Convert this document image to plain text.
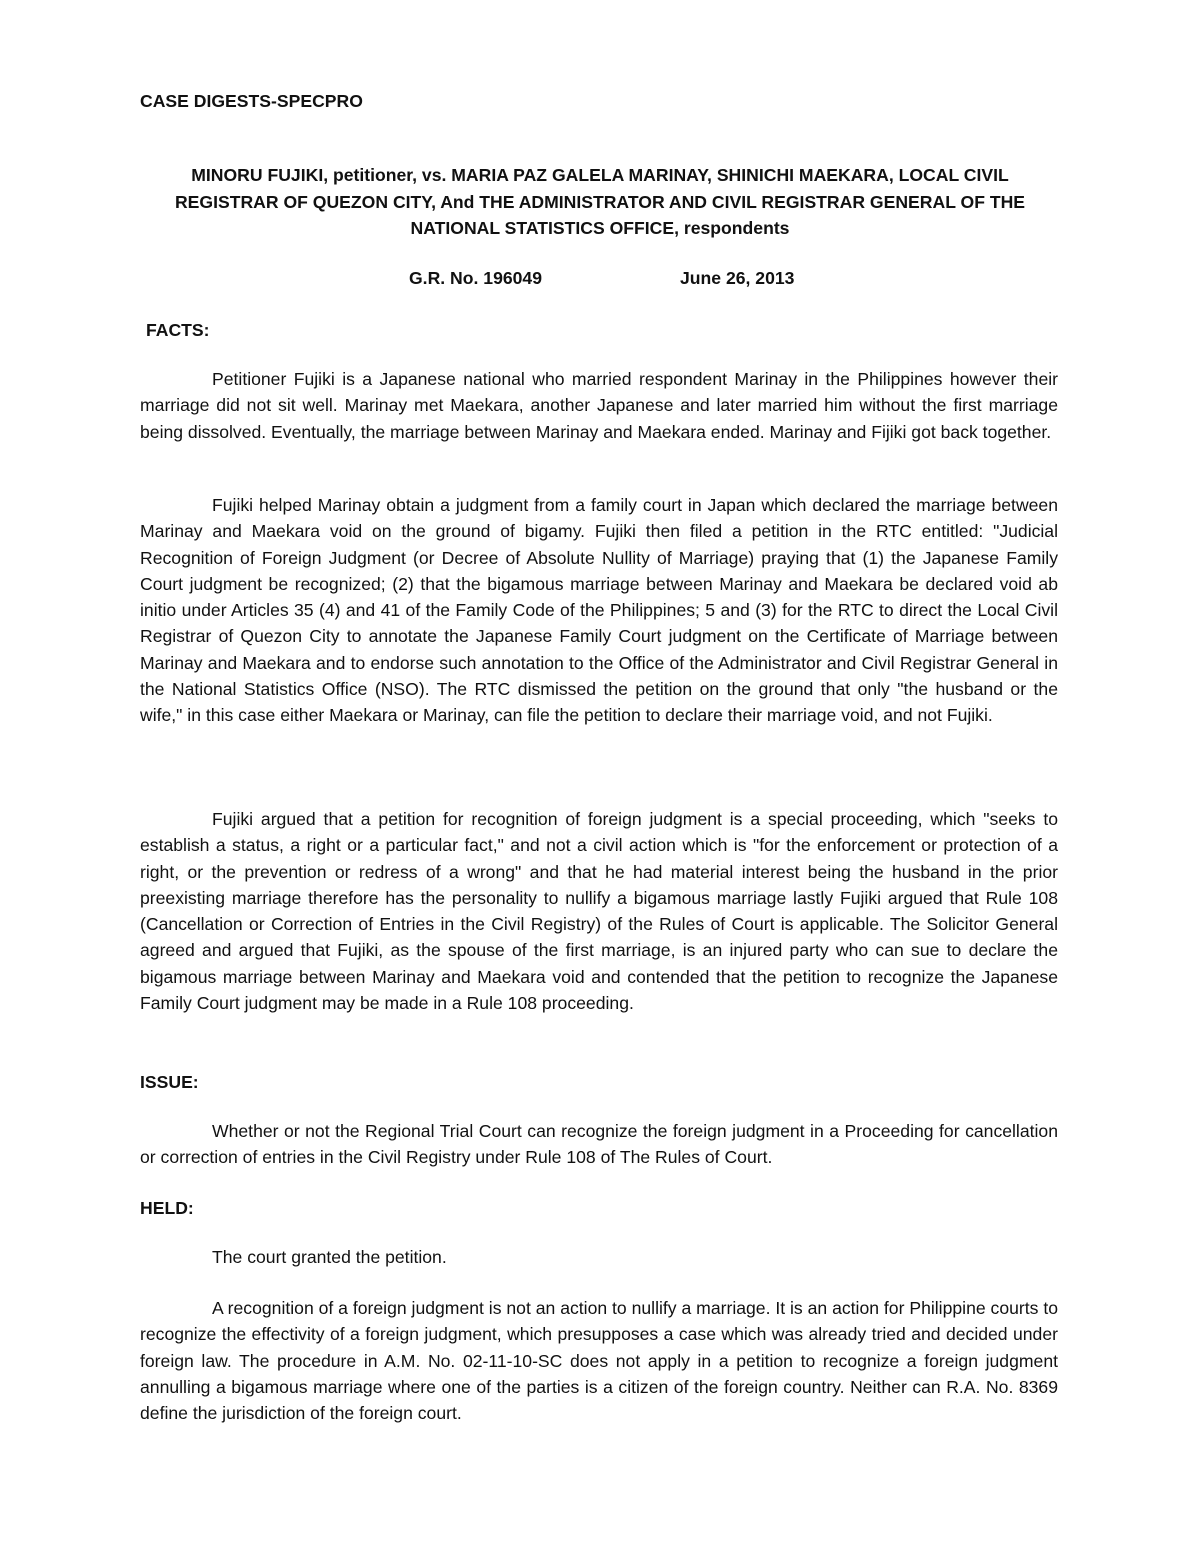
CASE DIGESTS-SPECPRO
MINORU FUJIKI, petitioner, vs. MARIA PAZ GALELA MARINAY, SHINICHI MAEKARA, LOCAL CIVIL REGISTRAR OF QUEZON CITY, And THE ADMINISTRATOR AND CIVIL REGISTRAR GENERAL OF THE NATIONAL STATISTICS OFFICE, respondents
G.R. No. 196049	June 26, 2013
FACTS:

Petitioner Fujiki is a Japanese national who married respondent Marinay in the Philippines however their marriage did not sit well. Marinay met Maekara, another Japanese and later married him without the first marriage being dissolved. Eventually, the marriage between Marinay and Maekara ended. Marinay and Fijiki got back together.

Fujiki helped Marinay obtain a judgment from a family court in Japan which declared the marriage between Marinay and Maekara void on the ground of bigamy. Fujiki then filed a petition in the RTC entitled: "Judicial Recognition of Foreign Judgment (or Decree of Absolute Nullity of Marriage) praying that (1) the Japanese Family Court judgment be recognized; (2) that the bigamous marriage between Marinay and Maekara be declared void ab initio under Articles 35 (4) and 41 of the Family Code of the Philippines; 5 and (3) for the RTC to direct the Local Civil Registrar of Quezon City to annotate the Japanese Family Court judgment on the Certificate of Marriage between Marinay and Maekara and to endorse such annotation to the Office of the Administrator and Civil Registrar General in the National Statistics Office (NSO). The RTC dismissed the petition on the ground that only "the husband or the wife," in this case either Maekara or Marinay, can file the petition to declare their marriage void, and not Fujiki.

Fujiki argued that a petition for recognition of foreign judgment is a special proceeding, which "seeks to establish a status, a right or a particular fact," and not a civil action which is "for the enforcement or protection of a right, or the prevention or redress of a wrong" and that he had material interest being the husband in the prior preexisting marriage therefore has the personality to nullify a bigamous marriage lastly Fujiki argued that Rule 108 (Cancellation or Correction of Entries in the Civil Registry) of the Rules of Court is applicable. The Solicitor General agreed and argued that Fujiki, as the spouse of the first marriage, is an injured party who can sue to declare the bigamous marriage between Marinay and Maekara void and contended that the petition to recognize the Japanese Family Court judgment may be made in a Rule 108 proceeding.

ISSUE:

Whether or not the Regional Trial Court can recognize the foreign judgment in a Proceeding for cancellation or correction of entries in the Civil Registry under Rule 108 of The Rules of Court.

HELD:

The court granted the petition.

A recognition of a foreign judgment is not an action to nullify a marriage. It is an action for Philippine courts to recognize the effectivity of a foreign judgment, which presupposes a case which was already tried and decided under foreign law. The procedure in A.M. No. 02-11-10-SC does not apply in a petition to recognize a foreign judgment annulling a bigamous marriage where one of the parties is a citizen of the foreign country. Neither can R.A. No. 8369 define the jurisdiction of the foreign court.
